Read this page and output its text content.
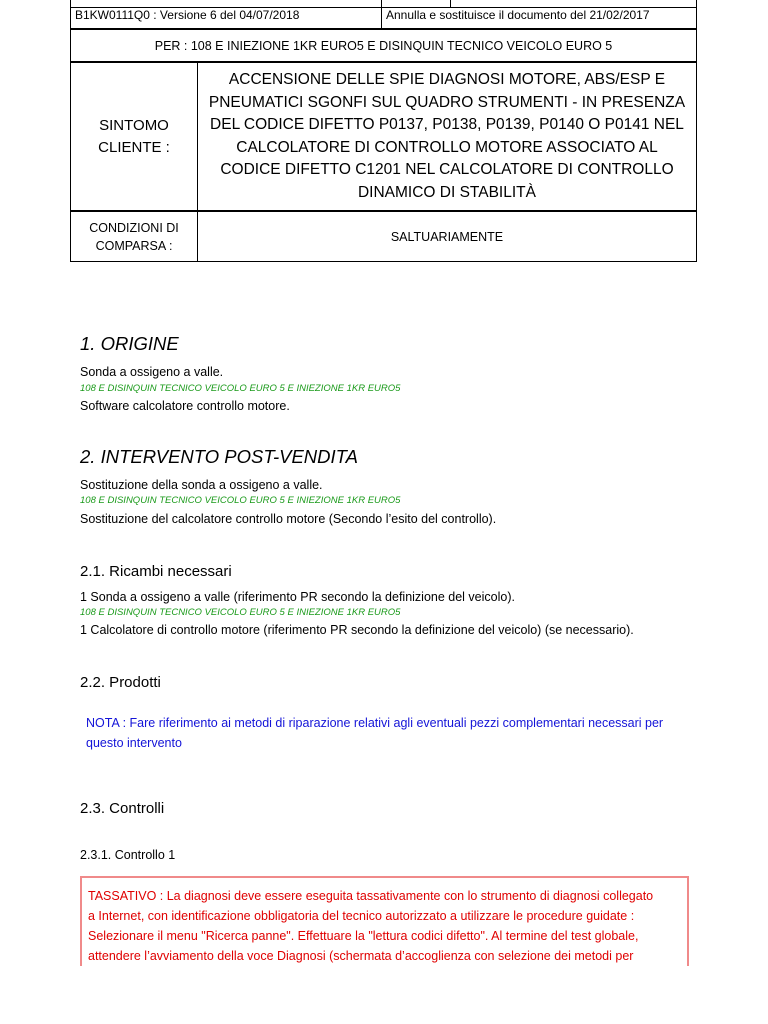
B1KW0111Q0 : Versione 6 del 04/07/2018	Annulla e sostituisce il documento del 21/02/2017
PER : 108 E INIEZIONE 1KR EURO5 E DISINQUIN TECNICO VEICOLO EURO 5
SINTOMO
CLIENTE :
ACCENSIONE DELLE SPIE DIAGNOSI MOTORE, ABS/ESP E
PNEUMATICI SGONFI SUL QUADRO STRUMENTI - IN PRESENZA
DEL CODICE DIFETTO P0137, P0138, P0139, P0140 O P0141 NEL
CALCOLATORE DI CONTROLLO MOTORE ASSOCIATO AL
CODICE DIFETTO C1201 NEL CALCOLATORE DI CONTROLLO
DINAMICO DI STABILITÀ
CONDIZIONI DI
COMPARSA :
SALTUARIAMENTE
1. ORIGINE
Sonda a ossigeno a valle.
108 E DISINQUIN TECNICO VEICOLO EURO 5 E INIEZIONE 1KR EURO5
Software calcolatore controllo motore.
2. INTERVENTO POST-VENDITA
Sostituzione della sonda a ossigeno a valle.
108 E DISINQUIN TECNICO VEICOLO EURO 5 E INIEZIONE 1KR EURO5
Sostituzione del calcolatore controllo motore (Secondo l’esito del controllo).
2.1. Ricambi necessari
1 Sonda a ossigeno a valle (riferimento PR secondo la definizione del veicolo).
108 E DISINQUIN TECNICO VEICOLO EURO 5 E INIEZIONE 1KR EURO5
1 Calcolatore di controllo motore (riferimento PR secondo la definizione del veicolo) (se necessario).
2.2. Prodotti
NOTA : Fare riferimento ai metodi di riparazione relativi agli eventuali pezzi complementari necessari per
questo intervento
2.3. Controlli
2.3.1. Controllo 1
TASSATIVO : La diagnosi deve essere eseguita tassativamente con lo strumento di diagnosi collegato
a Internet, con identificazione obbligatoria del tecnico autorizzato a utilizzare le procedure guidate :
Selezionare il menu "Ricerca panne". Effettuare la "lettura codici difetto". Al termine del test globale,
attendere l’avviamento della voce Diagnosi (schermata d’accoglienza con selezione dei metodi per
